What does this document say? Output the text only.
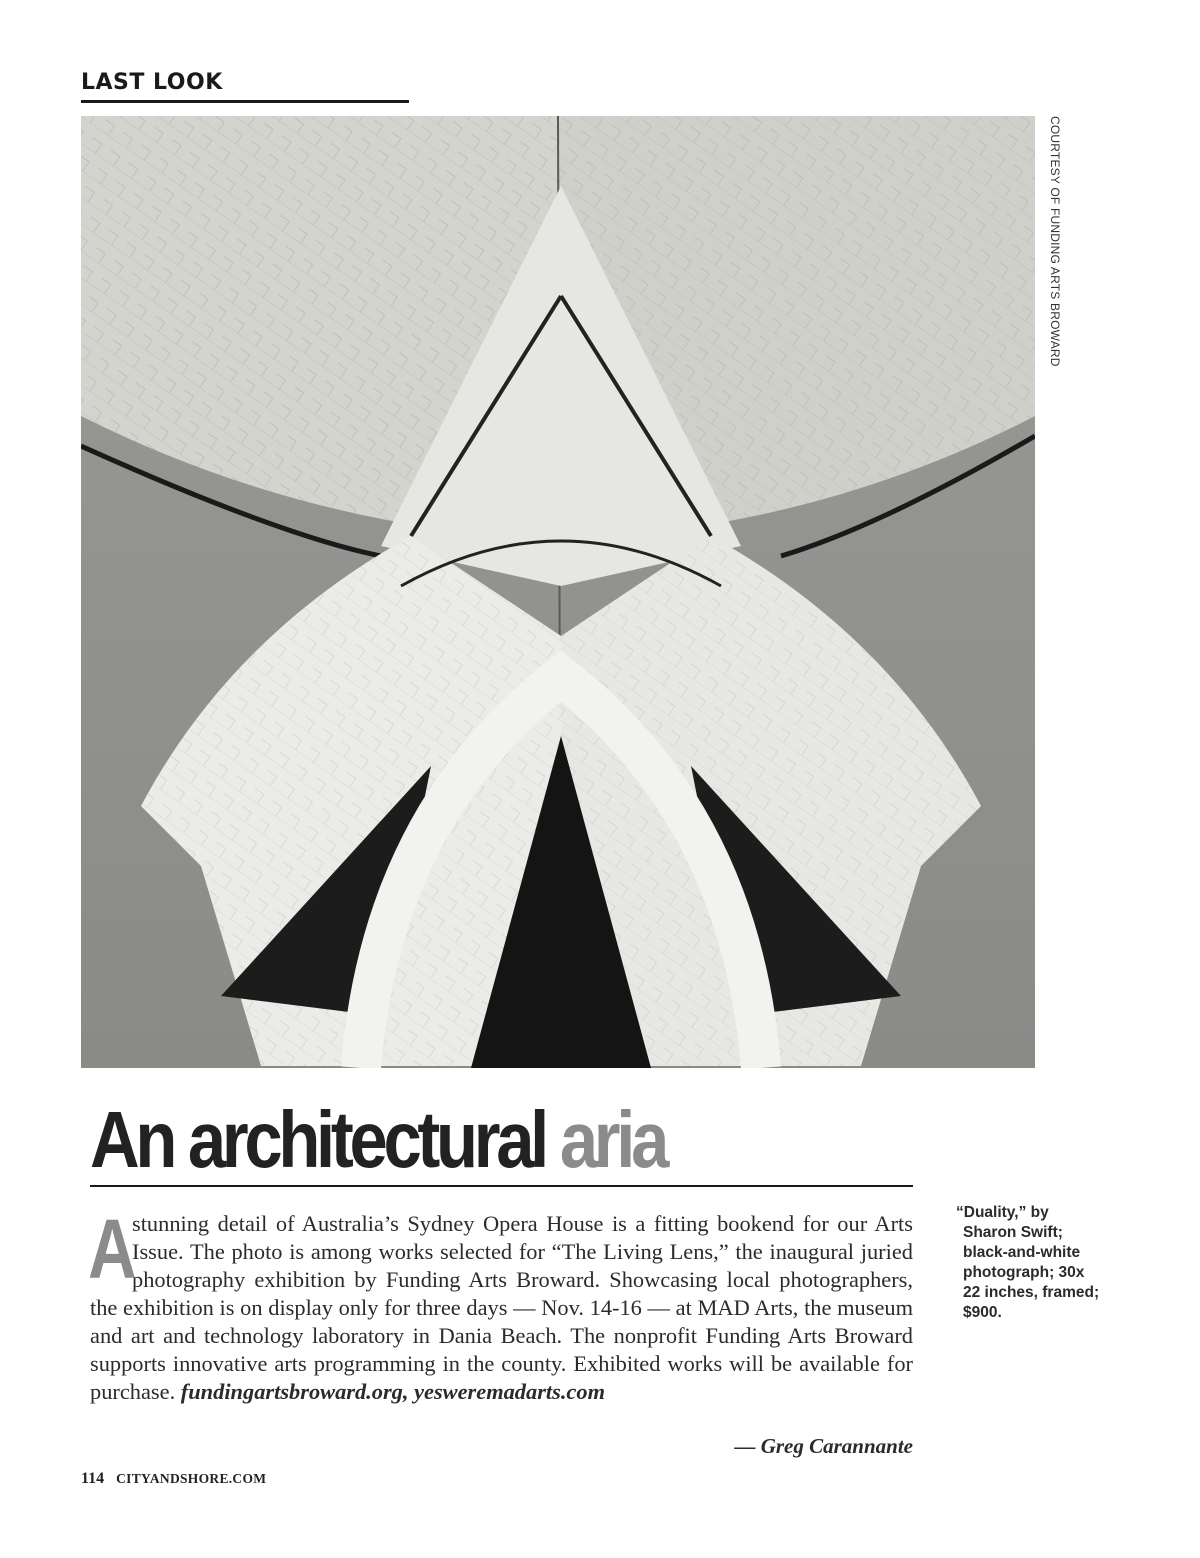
LAST LOOK
COURTESY OF FUNDING ARTS BROWARD
An architectural aria

A
stunning detail of Australia’s Sydney Opera House is a fitting bookend for our Arts Issue. The photo is among works selected for “The Living Lens,” the inaugural juried photography exhibition by Funding Arts Broward. Showcasing local photographers, the exhibition is on display only for three days — Nov. 14-16 — at MAD Arts, the museum and art and technology laboratory in Dania Beach. The nonprofit Funding Arts Broward supports innovative arts programming in the county. Exhibited works will be available for purchase. fundingartsbroward.org, yesweremadarts.com

— Greg Carannante
“Duality,” by
Sharon Swift;
black-and-white
photograph; 30x
22 inches, framed;
$900.
114 CITYANDSHORE.COM
